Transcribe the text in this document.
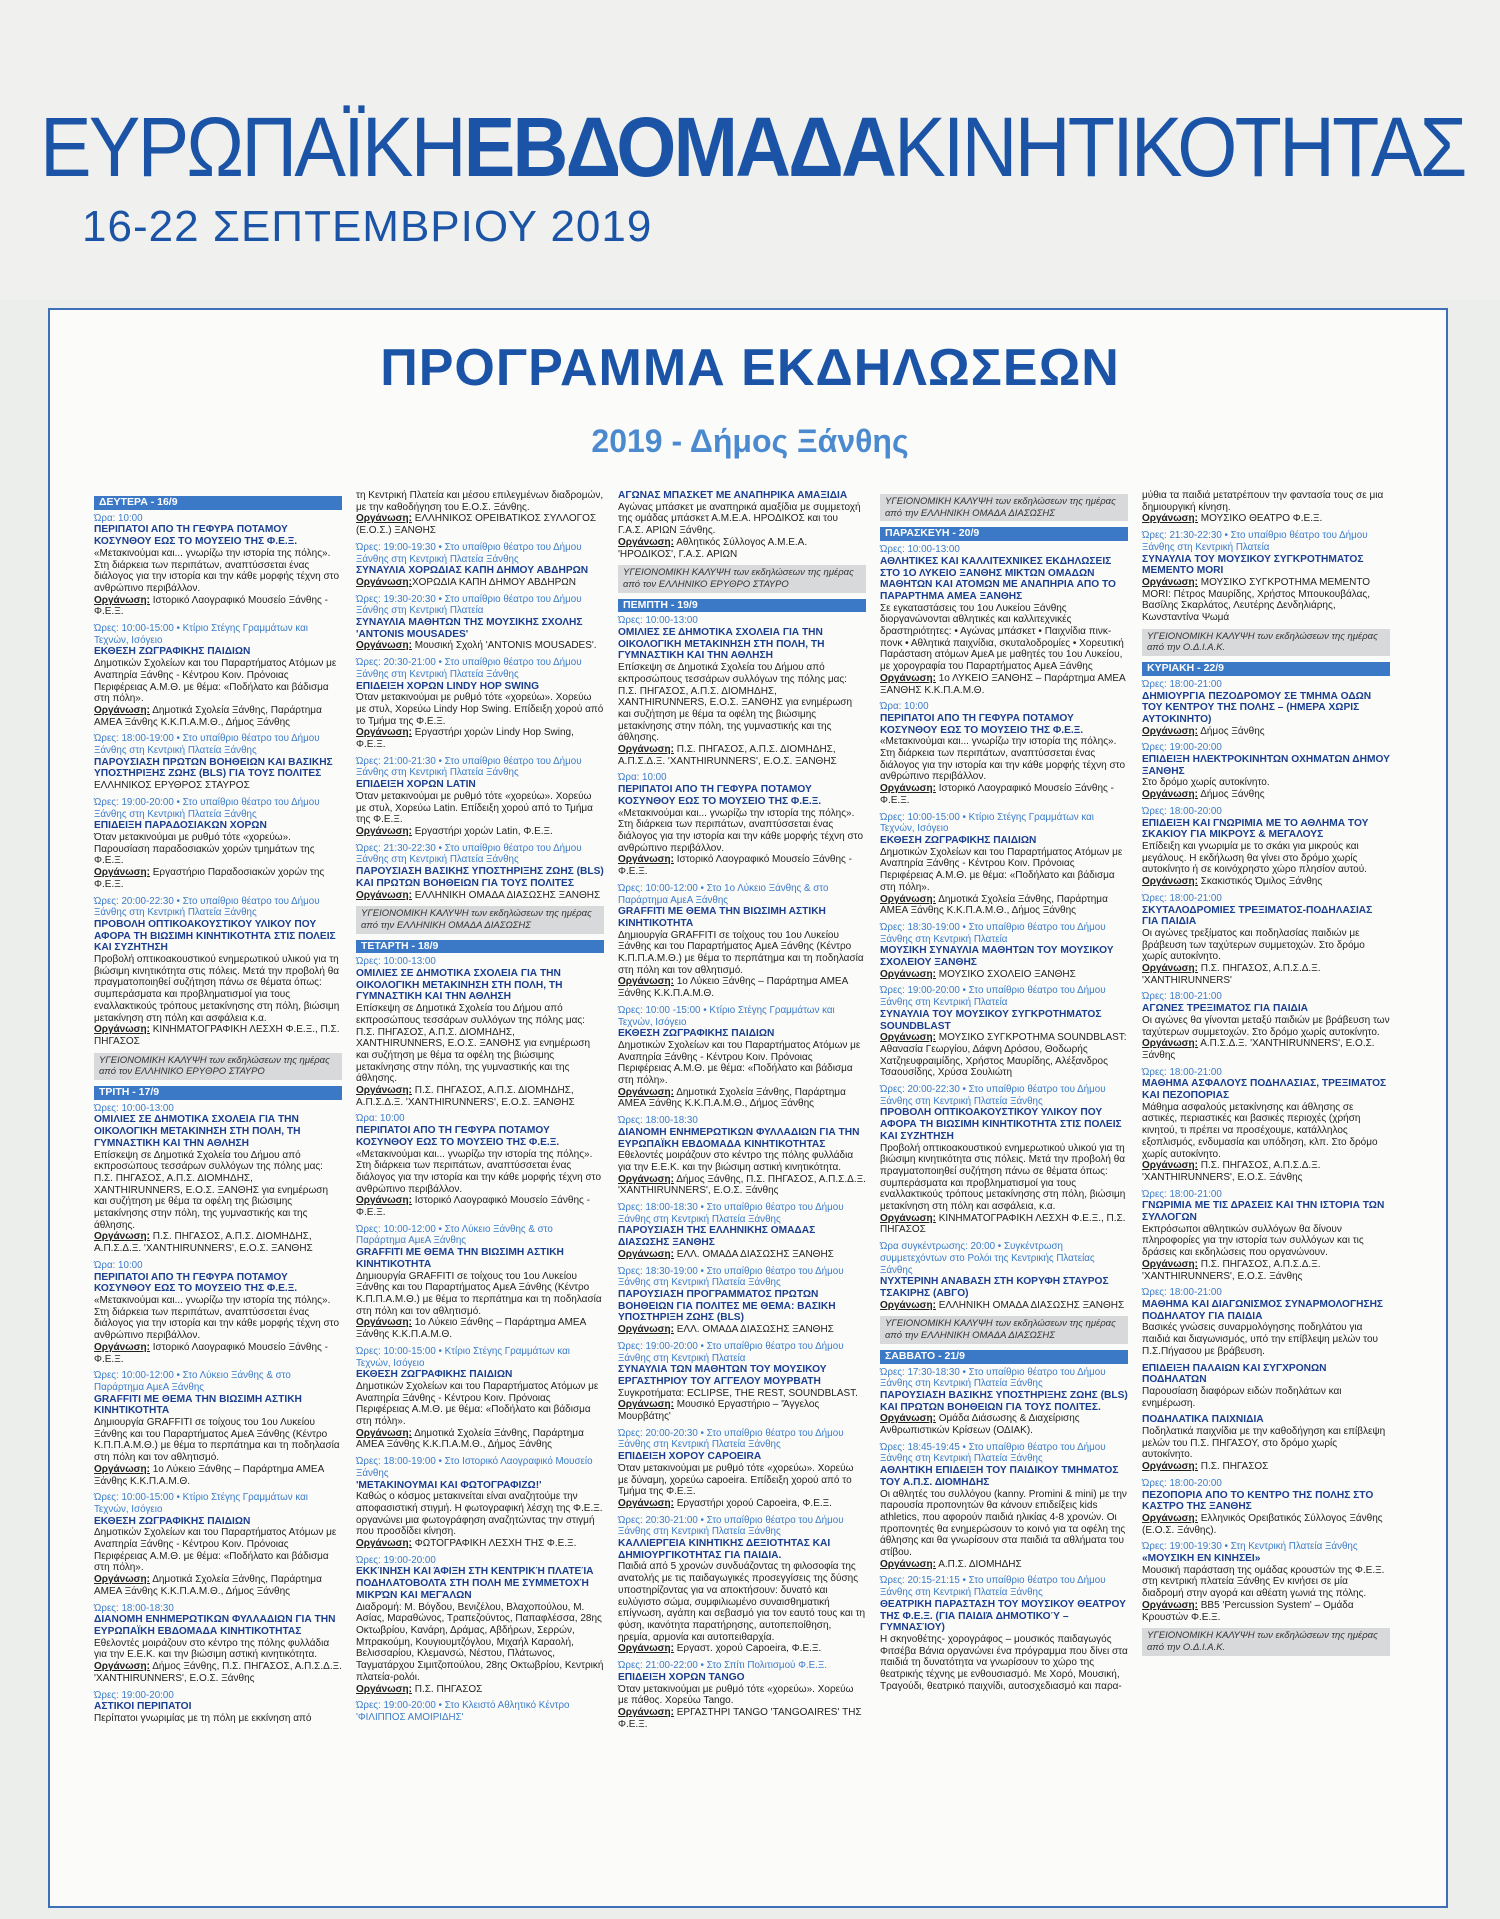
ΕΥΡΩΠΑΪΚΗΕΒΔΟΜΑΔΑΚΙΝΗΤΙΚΟΤΗΤΑΣ
16-22 ΣΕΠΤΕΜΒΡΙΟΥ 2019
ΠΡΟΓΡΑΜΜΑ ΕΚΔΗΛΩΣΕΩΝ
2019 - Δήμος Ξάνθης
ΔΕΥΤΕΡΑ - 16/9
Ώρα: 10:00
ΠΕΡΙΠΑΤΟΙ ΑΠΟ ΤΗ ΓΕΦΥΡΑ ΠΟΤΑΜΟΥ ΚΟΣΥΝΘΟΥ ΕΩΣ ΤΟ ΜΟΥΣΕΙΟ ΤΗΣ Φ.Ε.Ξ.
«Μετακινούμαι και... γνωρίζω την ιστορία της πόλης». Στη διάρκεια των περιπάτων, αναπτύσσεται ένας διάλογος για την ιστορία και την κάθε μορφής τέχνη στο ανθρώπινο περιβάλλον.
Οργάνωση: Ιστορικό Λαογραφικό Μουσείο Ξάνθης - Φ.Ε.Ξ.
Ώρες: 10:00-15:00 • Κτίριο Στέγης Γραμμάτων και Τεχνών, Ισόγειο
ΕΚΘΕΣΗ ΖΩΓΡΑΦΙΚΗΣ ΠΑΙΔΙΩΝ
Δημοτικών Σχολείων και του Παραρτήματος Ατόμων με Αναπηρία Ξάνθης - Κέντρου Κοιν. Πρόνοιας Περιφέρειας Α.Μ.Θ. με θέμα: «Ποδήλατο και βάδισμα στη πόλη».
Οργάνωση: Δημοτικά Σχολεία Ξάνθης, Παράρτημα ΑΜΕΑ Ξάνθης Κ.Κ.Π.Α.Μ.Θ., Δήμος Ξάνθης
Ώρες: 18:00-19:00 • Στο υπαίθριο θέατρο του Δήμου Ξάνθης στη Κεντρική Πλατεία Ξάνθης
ΠΑΡΟΥΣΙΑΣΗ ΠΡΩΤΩΝ ΒΟΗΘΕΙΩΝ ΚΑΙ ΒΑΣΙΚΗΣ ΥΠΟΣΤΗΡΙΞΗΣ ΖΩΗΣ (BLS) ΓΙΑ ΤΟΥΣ ΠΟΛΙΤΕΣ
ΕΛΛΗΝΙΚΟΣ ΕΡΥΘΡΟΣ ΣΤΑΥΡΟΣ
Ώρες: 19:00-20:00 • Στο υπαίθριο θέατρο του Δήμου Ξάνθης στη Κεντρική Πλατεία Ξάνθης
ΕΠΙΔΕΙΞΗ ΠΑΡΑΔΟΣΙΑΚΩΝ ΧΟΡΩΝ
Όταν μετακινούμαι με ρυθμό τότε «χορεύω». Παρουσίαση παραδοσιακών χορών τμημάτων της Φ.Ε.Ξ.
Οργάνωση: Εργαστήριο Παραδοσιακών χορών της Φ.Ε.Ξ.
Ώρες: 20:00-22:30 • Στο υπαίθριο θέατρο του Δήμου Ξάνθης στη Κεντρική Πλατεία Ξάνθης
ΠΡΟΒΟΛΗ ΟΠΤΙΚΟΑΚΟΥΣΤΙΚΟΥ ΥΛΙΚΟΥ ΠΟΥ ΑΦΟΡΑ ΤΗ ΒΙΩΣΙΜΗ ΚΙΝΗΤΙΚΟΤΗΤΑ ΣΤΙΣ ΠΟΛΕΙΣ ΚΑΙ ΣΥΖΗΤΗΣΗ
Προβολή οπτικοακουστικού ενημερωτικού υλικού για τη βιώσιμη κινητικότητα στις πόλεις. Μετά την προβολή θα πραγματοποιηθεί συζήτηση πάνω σε θέματα όπως: συμπεράσματα και προβληματισμοί για τους εναλλακτικούς τρόπους μετακίνησης στη πόλη, βιώσιμη μετακίνηση στη πόλη και ασφάλεια κ.α.
Οργάνωση: ΚΙΝΗΜΑΤΟΓΡΑΦΙΚΗ ΛΕΣΧΗ Φ.Ε.Ξ., Π.Σ. ΠΗΓΑΣΟΣ
ΥΓΕΙΟΝΟΜΙΚΗ ΚΑΛΥΨΗ των εκδηλώσεων της ημέρας από τον ΕΛΛΗΝΙΚΟ ΕΡΥΘΡΟ ΣΤΑΥΡΟ
ΤΡΙΤΗ - 17/9
Ώρες: 10:00-13:00
ΟΜΙΛΙΕΣ ΣΕ ΔΗΜΟΤΙΚΑ ΣΧΟΛΕΙΑ ΓΙΑ ΤΗΝ ΟΙΚΟΛΟΓΙΚΗ ΜΕΤΑΚΙΝΗΣΗ ΣΤΗ ΠΟΛΗ, ΤΗ ΓΥΜΝΑΣΤΙΚΗ ΚΑΙ ΤΗΝ ΑΘΛΗΣΗ
Επίσκεψη σε Δημοτικά Σχολεία του Δήμου από εκπροσώπους τεσσάρων συλλόγων της πόλης μας: Π.Σ. ΠΗΓΑΣΟΣ, Α.Π.Σ. ΔΙΟΜΗΔΗΣ, XANTHIRUNNERS, Ε.Ο.Σ. ΞΑΝΘΗΣ για ενημέρωση και συζήτηση με θέμα τα οφέλη της βιώσιμης μετακίνησης στην πόλη, της γυμναστικής και της άθλησης.
Οργάνωση: Π.Σ. ΠΗΓΑΣΟΣ, Α.Π.Σ. ΔΙΟΜΗΔΗΣ, Α.Π.Σ.Δ.Ξ. 'XANTHIRUNNERS', Ε.Ο.Σ. ΞΑΝΘΗΣ
Ώρα: 10:00
ΠΕΡΙΠΑΤΟΙ ΑΠΟ ΤΗ ΓΕΦΥΡΑ ΠΟΤΑΜΟΥ ΚΟΣΥΝΘΟΥ ΕΩΣ ΤΟ ΜΟΥΣΕΙΟ ΤΗΣ Φ.Ε.Ξ.
«Μετακινούμαι και... γνωρίζω την ιστορία της πόλης». Στη διάρκεια των περιπάτων, αναπτύσσεται ένας διάλογος για την ιστορία και την κάθε μορφής τέχνη στο ανθρώπινο περιβάλλον.
Οργάνωση: Ιστορικό Λαογραφικό Μουσείο Ξάνθης - Φ.Ε.Ξ.
Ώρες: 10:00-12:00 • Στο Λύκειο Ξάνθης & στο Παράρτημα ΑμεΑ Ξάνθης
GRAFFITI ΜΕ ΘΕΜΑ ΤΗΝ ΒΙΩΣΙΜΗ ΑΣΤΙΚΗ ΚΙΝΗΤΙΚΟΤΗΤΑ
Δημιουργία GRAFFITI σε τοίχους του 1ου Λυκείου Ξάνθης και του Παραρτήματος ΑμεΑ Ξάνθης (Κέντρο Κ.Π.Π.Α.Μ.Θ.) με θέμα το περπάτημα και τη ποδηλασία στη πόλη και τον αθλητισμό.
Οργάνωση: 1ο Λύκειο Ξάνθης – Παράρτημα ΑΜΕΑ Ξάνθης Κ.Κ.Π.Α.Μ.Θ.
Ώρες: 10:00-15:00 • Κτίριο Στέγης Γραμμάτων και Τεχνών, Ισόγειο
ΕΚΘΕΣΗ ΖΩΓΡΑΦΙΚΗΣ ΠΑΙΔΙΩΝ
Δημοτικών Σχολείων και του Παραρτήματος Ατόμων με Αναπηρία Ξάνθης - Κέντρου Κοιν. Πρόνοιας Περιφέρειας Α.Μ.Θ. με θέμα: «Ποδήλατο και βάδισμα στη πόλη».
Οργάνωση: Δημοτικά Σχολεία Ξάνθης, Παράρτημα ΑΜΕΑ Ξάνθης Κ.Κ.Π.Α.Μ.Θ., Δήμος Ξάνθης
Ώρες: 18:00-18:30
ΔΙΑΝΟΜΗ ΕΝΗΜΕΡΩΤΙΚΩΝ ΦΥΛΛΑΔΙΩΝ ΓΙΑ ΤΗΝ ΕΥΡΩΠΑΪΚΗ ΕΒΔΟΜΑΔΑ ΚΙΝΗΤΙΚΟΤΗΤΑΣ
Εθελοντές μοιράζουν στο κέντρο της πόλης φυλλάδια για την Ε.Ε.Κ. και την βιώσιμη αστική κινητικότητα.
Οργάνωση: Δήμος Ξάνθης, Π.Σ. ΠΗΓΑΣΟΣ, Α.Π.Σ.Δ.Ξ. 'XANTHIRUNNERS', Ε.Ο.Σ. Ξάνθης
Ώρες: 19:00-20:00
ΑΣΤΙΚΟΙ ΠΕΡΙΠΑΤΟΙ
Περίπατοι γνωριμίας με τη πόλη με εκκίνηση από
τη Κεντρική Πλατεία και μέσου επιλεγμένων διαδρομών, με την καθοδήγηση του Ε.Ο.Σ. Ξάνθης.
Οργάνωση: ΕΛΛΗΝΙΚΟΣ ΟΡΕΙΒΑΤΙΚΟΣ ΣΥΛΛΟΓΟΣ (Ε.Ο.Σ.) ΞΑΝΘΗΣ
Ώρες: 19:00-19:30 • Στο υπαίθριο θέατρο του Δήμου Ξάνθης στη Κεντρική Πλατεία Ξάνθης
ΣΥΝΑΥΛΙΑ ΧΟΡΩΔΙΑΣ ΚΑΠΗ ΔΗΜΟΥ ΑΒΔΗΡΩΝ
Οργάνωση:ΧΟΡΩΔΙΑ ΚΑΠΗ ΔΗΜΟΥ ΑΒΔΗΡΩΝ
Ώρες: 19:30-20:30 • Στο υπαίθριο θέατρο του Δήμου Ξάνθης στη Κεντρική Πλατεία
ΣΥΝΑΥΛΙΑ ΜΑΘΗΤΩΝ ΤΗΣ ΜΟΥΣΙΚΗΣ ΣΧΟΛΗΣ 'ANTONIS MOUSADES'
Οργάνωση: Μουσική Σχολή 'ANTONIS MOUSADES'.
Ώρες: 20:30-21:00 • Στο υπαίθριο θέατρο του Δήμου Ξάνθης στη Κεντρική Πλατεία Ξάνθης
ΕΠΙΔΕΙΞΗ ΧΟΡΩΝ LINDY HOP SWING
Όταν μετακινούμαι με ρυθμό τότε «χορεύω». Χορεύω με στυλ, Χορεύω Lindy Hop Swing. Επίδειξη χορού από το Τμήμα της Φ.Ε.Ξ.
Οργάνωση: Εργαστήρι χορών Lindy Hop Swing, Φ.Ε.Ξ.
Ώρες: 21:00-21:30 • Στο υπαίθριο θέατρο του Δήμου Ξάνθης στη Κεντρική Πλατεία Ξάνθης
ΕΠΙΔΕΙΞΗ ΧΟΡΩΝ LATIN
Όταν μετακινούμαι με ρυθμό τότε «χορεύω». Χορεύω με στυλ, Χορεύω Latin. Επίδειξη χορού από το Τμήμα της Φ.Ε.Ξ.
Οργάνωση: Εργαστήρι χορών Latin, Φ.Ε.Ξ.
Ώρες: 21:30-22:30 • Στο υπαίθριο θέατρο του Δήμου Ξάνθης στη Κεντρική Πλατεία Ξάνθης
ΠΑΡΟΥΣΙΑΣΗ ΒΑΣΙΚΗΣ ΥΠΟΣΤΗΡΙΞΗΣ ΖΩΗΣ (BLS) ΚΑΙ ΠΡΩΤΩΝ ΒΟΗΘΕΙΩΝ ΓΙΑ ΤΟΥΣ ΠΟΛΙΤΕΣ
Οργάνωση: ΕΛΛΗΝΙΚΗ ΟΜΑΔΑ ΔΙΑΣΩΣΗΣ ΞΑΝΘΗΣ
ΥΓΕΙΟΝΟΜΙΚΗ ΚΑΛΥΨΗ των εκδηλώσεων της ημέρας από την ΕΛΛΗΝΙΚΗ ΟΜΑΔΑ ΔΙΑΣΩΣΗΣ
ΤΕΤΑΡΤΗ - 18/9
Ώρες: 10:00-13:00
ΟΜΙΛΙΕΣ ΣΕ ΔΗΜΟΤΙΚΑ ΣΧΟΛΕΙΑ ΓΙΑ ΤΗΝ ΟΙΚΟΛΟΓΙΚΗ ΜΕΤΑΚΙΝΗΣΗ ΣΤΗ ΠΟΛΗ, ΤΗ ΓΥΜΝΑΣΤΙΚΗ ΚΑΙ ΤΗΝ ΑΘΛΗΣΗ
Επίσκεψη σε Δημοτικά Σχολεία του Δήμου από εκπροσώπους τεσσάρων συλλόγων της πόλης μας: Π.Σ. ΠΗΓΑΣΟΣ, Α.Π.Σ. ΔΙΟΜΗΔΗΣ, XANTHIRUNNERS, Ε.Ο.Σ. ΞΑΝΘΗΣ για ενημέρωση και συζήτηση με θέμα τα οφέλη της βιώσιμης μετακίνησης στην πόλη, της γυμναστικής και της άθλησης.
Οργάνωση: Π.Σ. ΠΗΓΑΣΟΣ, Α.Π.Σ. ΔΙΟΜΗΔΗΣ, Α.Π.Σ.Δ.Ξ. 'XANTHIRUNNERS', Ε.Ο.Σ. ΞΑΝΘΗΣ
Ώρα: 10:00
ΠΕΡΙΠΑΤΟΙ ΑΠΟ ΤΗ ΓΕΦΥΡΑ ΠΟΤΑΜΟΥ ΚΟΣΥΝΘΟΥ ΕΩΣ ΤΟ ΜΟΥΣΕΙΟ ΤΗΣ Φ.Ε.Ξ.
«Μετακινούμαι και... γνωρίζω την ιστορία της πόλης». Στη διάρκεια των περιπάτων, αναπτύσσεται ένας διάλογος για την ιστορία και την κάθε μορφής τέχνη στο ανθρώπινο περιβάλλον.
Οργάνωση: Ιστορικό Λαογραφικό Μουσείο Ξάνθης - Φ.Ε.Ξ.
Ώρες: 10:00-12:00 • Στο Λύκειο Ξάνθης & στο Παράρτημα ΑμεΑ Ξάνθης
GRAFFITI ΜΕ ΘΕΜΑ ΤΗΝ ΒΙΩΣΙΜΗ ΑΣΤΙΚΗ ΚΙΝΗΤΙΚΟΤΗΤΑ
Δημιουργία GRAFFITI σε τοίχους του 1ου Λυκείου Ξάνθης και του Παραρτήματος ΑμεΑ Ξάνθης (Κέντρο Κ.Π.Π.Α.Μ.Θ.) με θέμα το περπάτημα και τη ποδηλασία στη πόλη και τον αθλητισμό.
Οργάνωση: 1ο Λύκειο Ξάνθης – Παράρτημα ΑΜΕΑ Ξάνθης Κ.Κ.Π.Α.Μ.Θ.
Ώρες: 10:00-15:00 • Κτίριο Στέγης Γραμμάτων και Τεχνών, Ισόγειο
ΕΚΘΕΣΗ ΖΩΓΡΑΦΙΚΗΣ ΠΑΙΔΙΩΝ
Δημοτικών Σχολείων και του Παραρτήματος Ατόμων με Αναπηρία Ξάνθης - Κέντρου Κοιν. Πρόνοιας Περιφέρειας Α.Μ.Θ. με θέμα: «Ποδήλατο και βάδισμα στη πόλη».
Οργάνωση: Δημοτικά Σχολεία Ξάνθης, Παράρτημα ΑΜΕΑ Ξάνθης Κ.Κ.Π.Α.Μ.Θ., Δήμος Ξάνθης
Ώρες: 18:00-19:00 • Στο Ιστορικό Λαογραφικό Μουσείο Ξάνθης
'ΜΕΤΑΚΙΝΟΥΜΑΙ ΚΑΙ ΦΩΤΟΓΡΑΦΙΖΩ!'
Καθώς ο κόσμος μετακινείται είναι αναζητούμε την αποφασιστική στιγμή. Η φωτογραφική λέσχη της Φ.Ε.Ξ. οργανώνει μια φωτογράφηση αναζητώντας την στιγμή που προσδίδει κίνηση.
Οργάνωση: ΦΩΤΟΓΡΑΦΙΚΗ ΛΕΣΧΗ ΤΗΣ Φ.Ε.Ξ.
Ώρες: 19:00-20:00
ΕΚΚΊΝΗΣΗ ΚΑΙ ΆΦΙΞΗ ΣΤΗ ΚΕΝΤΡΙΚΉ ΠΛΑΤΕΊΑ ΠΟΔΗΛΑΤΟΒΟΛΤΑ ΣΤΗ ΠΟΛΗ ΜΕ ΣΥΜΜΕΤΟΧΉ ΜΙΚΡΏΝ ΚΑΙ ΜΕΓΆΛΩΝ
Διαδρομή: Μ. Βόγδου, Βενιζέλου, Βλαχοπούλου, Μ. Ασίας, Μαραθώνος, Τραπεζούντος, Παπαφλέσσα, 28ης Οκτωβρίου, Κανάρη, Δράμας, Αβδήρων, Σερρών, Μπρακούμη, Κουγιουμτζόγλου, Μιχαήλ Καραολή, Βελισσαρίου, Κλεμανσώ, Νέστου, Πλάτωνος, Ταγματάρχου Σιμιτζοπούλου, 28ης Οκτωβρίου, Κεντρική πλατεία-ρολόι.
Οργάνωση: Π.Σ. ΠΗΓΑΣΟΣ
Ώρες: 19:00-20:00 • Στο Κλειστό Αθλητικό Κέντρο 'ΦΙΛΙΠΠΟΣ ΑΜΟΙΡΙΔΗΣ'
ΑΓΩΝΑΣ ΜΠΑΣΚΕΤ ΜΕ ΑΝΑΠΗΡΙΚΑ ΑΜΑΞΙΔΙΑ
Αγώνας μπάσκετ με αναπηρικά αμαξίδια με συμμετοχή της ομάδας μπάσκετ Α.Μ.Ε.Α. ΗΡΟΔΙΚΟΣ και του Γ.Α.Σ. ΑΡΙΩΝ Ξάνθης.
Οργάνωση: Αθλητικός Σύλλογος Α.Μ.Ε.Α. 'ΗΡΟΔΙΚΟΣ', Γ.Α.Σ. ΑΡΙΩΝ
ΥΓΕΙΟΝΟΜΙΚΗ ΚΑΛΥΨΗ των εκδηλώσεων της ημέρας από τον ΕΛΛΗΝΙΚΟ ΕΡΥΘΡΟ ΣΤΑΥΡΟ
ΠΕΜΠΤΗ - 19/9
Ώρες: 10:00-13:00
ΟΜΙΛΙΕΣ ΣΕ ΔΗΜΟΤΙΚΑ ΣΧΟΛΕΙΑ ΓΙΑ ΤΗΝ ΟΙΚΟΛΟΓΙΚΗ ΜΕΤΑΚΙΝΗΣΗ ΣΤΗ ΠΟΛΗ, ΤΗ ΓΥΜΝΑΣΤΙΚΗ ΚΑΙ ΤΗΝ ΑΘΛΗΣΗ
Επίσκεψη σε Δημοτικά Σχολεία του Δήμου από εκπροσώπους τεσσάρων συλλόγων της πόλης μας: Π.Σ. ΠΗΓΑΣΟΣ, Α.Π.Σ. ΔΙΟΜΗΔΗΣ, XANTHIRUNNERS, Ε.Ο.Σ. ΞΑΝΘΗΣ για ενημέρωση και συζήτηση με θέμα τα οφέλη της βιώσιμης μετακίνησης στην πόλη, της γυμναστικής και της άθλησης.
Οργάνωση: Π.Σ. ΠΗΓΑΣΟΣ, Α.Π.Σ. ΔΙΟΜΗΔΗΣ, Α.Π.Σ.Δ.Ξ. 'XANTHIRUNNERS', Ε.Ο.Σ. ΞΑΝΘΗΣ
Ώρα: 10:00
ΠΕΡΙΠΑΤΟΙ ΑΠΟ ΤΗ ΓΕΦΥΡΑ ΠΟΤΑΜΟΥ ΚΟΣΥΝΘΟΥ ΕΩΣ ΤΟ ΜΟΥΣΕΙΟ ΤΗΣ Φ.Ε.Ξ.
«Μετακινούμαι και... γνωρίζω την ιστορία της πόλης». Στη διάρκεια των περιπάτων, αναπτύσσεται ένας διάλογος για την ιστορία και την κάθε μορφής τέχνη στο ανθρώπινο περιβάλλον.
Οργάνωση: Ιστορικό Λαογραφικό Μουσείο Ξάνθης - Φ.Ε.Ξ.
Ώρες: 10:00-12:00 • Στο 1ο Λύκειο Ξάνθης & στο Παράρτημα ΑμεΑ Ξάνθης
GRAFFITI ΜΕ ΘΕΜΑ ΤΗΝ ΒΙΩΣΙΜΗ ΑΣΤΙΚΗ ΚΙΝΗΤΙΚΟΤΗΤΑ
Δημιουργία GRAFFITI σε τοίχους του 1ου Λυκείου Ξάνθης και του Παραρτήματος ΑμεΑ Ξάνθης (Κέντρο Κ.Π.Π.Α.Μ.Θ.) με θέμα το περπάτημα και τη ποδηλασία στη πόλη και τον αθλητισμό.
Οργάνωση: 1ο Λύκειο Ξάνθης – Παράρτημα ΑΜΕΑ Ξάνθης Κ.Κ.Π.Α.Μ.Θ.
Ώρες: 10:00 -15:00 • Κτίριο Στέγης Γραμμάτων και Τεχνών, Ισόγειο
ΕΚΘΕΣΗ ΖΩΓΡΑΦΙΚΗΣ ΠΑΙΔΙΩΝ
Δημοτικών Σχολείων και του Παραρτήματος Ατόμων με Αναπηρία Ξάνθης - Κέντρου Κοιν. Πρόνοιας Περιφέρειας Α.Μ.Θ. με θέμα: «Ποδήλατο και βάδισμα στη πόλη».
Οργάνωση: Δημοτικά Σχολεία Ξάνθης, Παράρτημα ΑΜΕΑ Ξάνθης Κ.Κ.Π.Α.Μ.Θ., Δήμος Ξάνθης
Ώρες: 18:00-18:30
ΔΙΑΝΟΜΗ ΕΝΗΜΕΡΩΤΙΚΩΝ ΦΥΛΛΑΔΙΩΝ ΓΙΑ ΤΗΝ ΕΥΡΩΠΑΪΚΗ ΕΒΔΟΜΑΔΑ ΚΙΝΗΤΙΚΟΤΗΤΑΣ
Εθελοντές μοιράζουν στο κέντρο της πόλης φυλλάδια για την Ε.Ε.Κ. και την βιώσιμη αστική κινητικότητα.
Οργάνωση: Δήμος Ξάνθης, Π.Σ. ΠΗΓΑΣΟΣ, Α.Π.Σ.Δ.Ξ. 'XANTHIRUNNERS', Ε.Ο.Σ. Ξάνθης
Ώρες: 18:00-18:30 • Στο υπαίθριο θέατρο του Δήμου Ξάνθης στη Κεντρική Πλατεία Ξάνθης
ΠΑΡΟΥΣΙΑΣΗ ΤΗΣ ΕΛΛΗΝΙΚΗΣ ΟΜΑΔΑΣ ΔΙΑΣΩΣΗΣ ΞΑΝΘΗΣ
Οργάνωση: ΕΛΛ. ΟΜΑΔΑ ΔΙΑΣΩΣΗΣ ΞΑΝΘΗΣ
Ώρες: 18:30-19:00 • Στο υπαίθριο θέατρο του Δήμου Ξάνθης στη Κεντρική Πλατεία Ξάνθης
ΠΑΡΟΥΣΙΑΣΗ ΠΡΟΓΡΑΜΜΑΤΟΣ ΠΡΩΤΩΝ ΒΟΗΘΕΙΩΝ ΓΙΑ ΠΟΛΙΤΕΣ ΜΕ ΘΕΜΑ: ΒΑΣΙΚΗ ΥΠΟΣΤΗΡΙΞΗ ΖΩΗΣ (BLS)
Οργάνωση: ΕΛΛ. ΟΜΑΔΑ ΔΙΑΣΩΣΗΣ ΞΑΝΘΗΣ
Ώρες: 19:00-20:00 • Στο υπαίθριο θέατρο του Δήμου Ξάνθης στη Κεντρική Πλατεία
ΣΥΝΑΥΛΙΑ ΤΩΝ ΜΑΘΗΤΩΝ ΤΟΥ ΜΟΥΣΙΚΟΥ ΕΡΓΑΣΤΗΡΙΟΥ ΤΟΥ ΑΓΓΕΛΟΥ ΜΟΥΡΒΑΤΗ
Συγκροτήματα: ECLIPSE, THE REST, SOUNDBLAST.
Οργάνωση: Μουσικό Εργαστήριο – 'Άγγελος Μουρβάτης'
Ώρες: 20:00-20:30 • Στο υπαίθριο θέατρο του Δήμου Ξάνθης στη Κεντρική Πλατεία Ξάνθης
ΕΠΙΔΕΙΞΗ ΧΟΡΟΥ CAPOEIRA
Όταν μετακινούμαι με ρυθμό τότε «χορεύω». Χορεύω με δύναμη, χορεύω capoeira. Επίδειξη χορού από το Τμήμα της Φ.Ε.Ξ.
Οργάνωση: Εργαστήρι χορού Capoeira, Φ.Ε.Ξ.
Ώρες: 20:30-21:00 • Στο υπαίθριο θέατρο του Δήμου Ξάνθης στη Κεντρική Πλατεία Ξάνθης
ΚΑΛΛΙΕΡΓΕΙΑ ΚΙΝΗΤΙΚΗΣ ΔΕΞΙΟΤΗΤΑΣ ΚΑΙ ΔΗΜΙΟΥΡΓΙΚΟΤΗΤΑΣ ΓΙΑ ΠΑΙΔΙΑ.
Παιδιά από 5 χρονών συνδυάζοντας τη φιλοσοφία της ανατολής με τις παιδαγωγικές προσεγγίσεις της δύσης υποστηρίζοντας για να αποκτήσουν: δυνατό και ευλύγιστο σώμα, συμφιλιωμένο συναισθηματική επίγνωση, αγάπη και σεβασμό για τον εαυτό τους και τη φύση, ικανότητα παρατήρησης, αυτοπεποίθηση, ηρεμία, αρμονία και αυτοπειθαρχία.
Οργάνωση: Εργαστ. χορού Capoeira, Φ.Ε.Ξ.
Ώρες: 21:00-22:00 • Στο Σπίτι Πολιτισμού Φ.Ε.Ξ.
ΕΠΙΔΕΙΞΗ ΧΟΡΩΝ TANGO
Όταν μετακινούμαι με ρυθμό τότε «χορεύω». Χορεύω με πάθος. Χορεύω Tango.
Οργάνωση: ΕΡΓΑΣΤΗΡΙ TANGO 'TANGOAIRES' ΤΗΣ Φ.Ε.Ξ.
ΥΓΕΙΟΝΟΜΙΚΗ ΚΑΛΥΨΗ των εκδηλώσεων της ημέρας από την ΕΛΛΗΝΙΚΗ ΟΜΑΔΑ ΔΙΑΣΩΣΗΣ
ΠΑΡΑΣΚΕΥΗ - 20/9
Ώρες: 10:00-13:00
ΑΘΛΗΤΙΚΕΣ ΚΑΙ ΚΑΛΛΙΤΕΧΝΙΚΕΣ ΕΚΔΗΛΩΣΕΙΣ ΣΤΟ 1Ο ΛΥΚΕΙΟ ΞΑΝΘΗΣ ΜΙΚΤΩΝ ΟΜΑΔΩΝ ΜΑΘΗΤΩΝ ΚΑΙ ΑΤΟΜΩΝ ΜΕ ΑΝΑΠΗΡΙΑ ΑΠΟ ΤΟ ΠΑΡΑΡΤΗΜΑ ΑΜΕΑ ΞΑΝΘΗΣ
Σε εγκαταστάσεις του 1ου Λυκείου Ξάνθης διοργανώνονται αθλητικές και καλλιτεχνικές δραστηριότητες: • Αγώνας μπάσκετ • Παιχνίδια πινκ-πονκ • Αθλητικά παιχνίδια, σκυταλοδρομίες • Χορευτική Παράσταση ατόμων ΑμεΑ με μαθητές του 1ου Λυκείου, με χορογραφία του Παραρτήματος ΑμεΑ Ξάνθης
Οργάνωση: 1ο ΛΥΚΕΙΟ ΞΑΝΘΗΣ – Παράρτημα ΑΜΕΑ ΞΑΝΘΗΣ Κ.Κ.Π.Α.Μ.Θ.
Ώρα: 10:00
ΠΕΡΙΠΑΤΟΙ ΑΠΟ ΤΗ ΓΕΦΥΡΑ ΠΟΤΑΜΟΥ ΚΟΣΥΝΘΟΥ ΕΩΣ ΤΟ ΜΟΥΣΕΙΟ ΤΗΣ Φ.Ε.Ξ.
«Μετακινούμαι και... γνωρίζω την ιστορία της πόλης». Στη διάρκεια των περιπάτων, αναπτύσσεται ένας διάλογος για την ιστορία και την κάθε μορφής τέχνη στο ανθρώπινο περιβάλλον.
Οργάνωση: Ιστορικό Λαογραφικό Μουσείο Ξάνθης - Φ.Ε.Ξ.
Ώρες: 10:00-15:00 • Κτίριο Στέγης Γραμμάτων και Τεχνών, Ισόγειο
ΕΚΘΕΣΗ ΖΩΓΡΑΦΙΚΗΣ ΠΑΙΔΙΩΝ
Δημοτικών Σχολείων και του Παραρτήματος Ατόμων με Αναπηρία Ξάνθης - Κέντρου Κοιν. Πρόνοιας Περιφέρειας Α.Μ.Θ. με θέμα: «Ποδήλατο και βάδισμα στη πόλη».
Οργάνωση: Δημοτικά Σχολεία Ξάνθης, Παράρτημα ΑΜΕΑ Ξάνθης Κ.Κ.Π.Α.Μ.Θ., Δήμος Ξάνθης
Ώρες: 18:30-19:00 • Στο υπαίθριο θέατρο του Δήμου Ξάνθης στη Κεντρική Πλατεία
ΜΟΥΣΙΚΗ ΣΥΝΑΥΛΙΑ ΜΑΘΗΤΩΝ ΤΟΥ ΜΟΥΣΙΚΟΥ ΣΧΟΛΕΙΟΥ ΞΑΝΘΗΣ
Οργάνωση: ΜΟΥΣΙΚΟ ΣΧΟΛΕΙΟ ΞΑΝΘΗΣ
Ώρες: 19:00-20:00 • Στο υπαίθριο θέατρο του Δήμου Ξάνθης στη Κεντρική Πλατεία
ΣΥΝΑΥΛΙΑ ΤΟΥ ΜΟΥΣΙΚΟΥ ΣΥΓΚΡΟΤΗΜΑΤΟΣ SOUNDBLAST
Οργάνωση: ΜΟΥΣΙΚΟ ΣΥΓΚΡΟΤΗΜΑ SOUNDBLAST: Αθανασία Γεωργίου, Δάφνη Δρόσου, Θοδωρής Χατζηευφραιμίδης, Χρήστος Μαυρίδης, Αλέξανδρος Τσαουσίδης, Χρύσα Σουλιώτη
Ώρες: 20:00-22:30 • Στο υπαίθριο θέατρο του Δήμου Ξάνθης στη Κεντρική Πλατεία Ξάνθης
ΠΡΟΒΟΛΗ ΟΠΤΙΚΟΑΚΟΥΣΤΙΚΟΥ ΥΛΙΚΟΥ ΠΟΥ ΑΦΟΡΑ ΤΗ ΒΙΩΣΙΜΗ ΚΙΝΗΤΙΚΟΤΗΤΑ ΣΤΙΣ ΠΟΛΕΙΣ ΚΑΙ ΣΥΖΗΤΗΣΗ
Προβολή οπτικοακουστικού ενημερωτικού υλικού για τη βιώσιμη κινητικότητα στις πόλεις. Μετά την προβολή θα πραγματοποιηθεί συζήτηση πάνω σε θέματα όπως: συμπεράσματα και προβληματισμοί για τους εναλλακτικούς τρόπους μετακίνησης στη πόλη, βιώσιμη μετακίνηση στη πόλη και ασφάλεια, κ.α.
Οργάνωση: ΚΙΝΗΜΑΤΟΓΡΑΦΙΚΗ ΛΕΣΧΗ Φ.Ε.Ξ., Π.Σ. ΠΗΓΑΣΟΣ
Ώρα συγκέντρωσης: 20:00 • Συγκέντρωση συμμετεχόντων στο Ρολόι της Κεντρικής Πλατείας Ξάνθης
ΝΥΧΤΕΡΙΝΗ ΑΝΑΒΑΣΗ ΣΤΗ ΚΟΡΥΦΗ ΣΤΑΥΡΟΣ ΤΣΑΚΙΡΗΣ (ΑΒΓΟ)
Οργάνωση: ΕΛΛΗΝΙΚΗ ΟΜΑΔΑ ΔΙΑΣΩΣΗΣ ΞΑΝΘΗΣ
ΥΓΕΙΟΝΟΜΙΚΗ ΚΑΛΥΨΗ των εκδηλώσεων της ημέρας από την ΕΛΛΗΝΙΚΗ ΟΜΑΔΑ ΔΙΑΣΩΣΗΣ
ΣΑΒΒΑΤΟ - 21/9
Ώρες: 17:30-18:30 • Στο υπαίθριο θέατρο του Δήμου Ξάνθης στη Κεντρική Πλατεία Ξάνθης
ΠΑΡΟΥΣΙΑΣΗ ΒΑΣΙΚΗΣ ΥΠΟΣΤΗΡΙΞΗΣ ΖΩΗΣ (BLS) ΚΑΙ ΠΡΩΤΩΝ ΒΟΗΘΕΙΩΝ ΓΙΑ ΤΟΥΣ ΠΟΛΙΤΕΣ.
Οργάνωση: Ομάδα Διάσωσης & Διαχείρισης Ανθρωπιστικών Κρίσεων (ΟΔΙΑΚ).
Ώρες: 18:45-19:45 • Στο υπαίθριο θέατρο του Δήμου Ξάνθης στη Κεντρική Πλατεία Ξάνθης
ΑΘΛΗΤΙΚΗ ΕΠΙΔΕΙΞΗ ΤΟΥ ΠΑΙΔΙΚΟΥ ΤΜΗΜΑΤΟΣ ΤΟΥ Α.Π.Σ. ΔΙΟΜΗΔΗΣ
Οι αθλητές του συλλόγου (kanny. Promini & mini) με την παρουσία προπονητών θα κάνουν επιδείξεις kids athletics, που αφορούν παιδιά ηλικίας 4-8 χρονών. Οι προπονητές θα ενημερώσουν το κοινό για τα οφέλη της άθλησης και θα γνωρίσουν στα παιδιά τα αθλήματα του στίβου.
Οργάνωση: Α.Π.Σ. ΔΙΟΜΗΔΗΣ
Ώρες: 20:15-21:15 • Στο υπαίθριο θέατρο του Δήμου Ξάνθης στη Κεντρική Πλατεία Ξάνθης
ΘΕΑΤΡΙΚΗ ΠΑΡΑΣΤΑΣΗ ΤΟΥ ΜΟΥΣΙΚΟΥ ΘΕΑΤΡΟΥ ΤΗΣ Φ.Ε.Ξ. (ΓΙΑ ΠΑΙΔΙΆ ΔΗΜΟΤΙΚΟΎ – ΓΥΜΝΑΣΊΟΥ)
Η σκηνοθέτης- χορογράφος – μουσικός παιδαγωγός Φιτσέβα Βάνια οργανώνει ένα πρόγραμμα που δίνει στα παιδιά τη δυνατότητα να γνωρίσουν το χώρο της θεατρικής τέχνης με ενθουσιασμό. Με Χορό, Μουσική, Τραγούδι, θεατρικό παιχνίδι, αυτοσχεδιασμό και παρα-
μύθια τα παιδιά μετατρέπουν την φαντασία τους σε μια δημιουργική κίνηση.
Οργάνωση: ΜΟΥΣΙΚΟ ΘΕΑΤΡΟ Φ.Ε.Ξ.
Ώρες: 21:30-22:30 • Στο υπαίθριο θέατρο του Δήμου Ξάνθης στη Κεντρική Πλατεία
ΣΥΝΑΥΛΙΑ ΤΟΥ ΜΟΥΣΙΚΟΥ ΣΥΓΚΡΟΤΗΜΑΤΟΣ MEMENTO MORI
Οργάνωση: ΜΟΥΣΙΚΟ ΣΥΓΚΡΟΤΗΜΑ MEMENTO MORI: Πέτρος Μαυρίδης, Χρήστος Μπουκουβάλας, Βασίλης Σκαρλάτος, Λευτέρης Δενδηλιάρης, Κωνσταντίνα Ψωμά
ΥΓΕΙΟΝΟΜΙΚΗ ΚΑΛΥΨΗ των εκδηλώσεων της ημέρας από την Ο.Δ.Ι.Α.Κ.
ΚΥΡΙΑΚΗ - 22/9
Ώρες: 18:00-21:00
ΔΗΜΙΟΥΡΓΙΑ ΠΕΖΟΔΡΟΜΟΥ ΣΕ ΤΜΗΜΑ ΟΔΩΝ ΤΟΥ ΚΕΝΤΡΟΥ ΤΗΣ ΠΟΛΗΣ – (ΗΜΕΡΑ ΧΩΡΙΣ ΑΥΤΟΚΙΝΗΤΟ)
Οργάνωση: Δήμος Ξάνθης
Ώρες: 19:00-20:00
ΕΠΙΔΕΙΞΗ ΗΛΕΚΤΡΟΚΙΝΗΤΩΝ ΟΧΗΜΑΤΩΝ ΔΗΜΟΥ ΞΑΝΘΗΣ
Στο δρόμο χωρίς αυτοκίνητο.
Οργάνωση: Δήμος Ξάνθης
Ώρες: 18:00-20:00
ΕΠΙΔΕΙΞΗ ΚΑΙ ΓΝΩΡΙΜΙΑ ΜΕ ΤΟ ΑΘΛΗΜΑ ΤΟΥ ΣΚΑΚΙΟΥ ΓΙΑ ΜΙΚΡΟΥΣ & ΜΕΓΑΛΟΥΣ
Επίδειξη και γνωριμία με το σκάκι για μικρούς και μεγάλους. Η εκδήλωση θα γίνει στο δρόμο χωρίς αυτοκίνητο ή σε κοινόχρηστο χώρο πλησίον αυτού.
Οργάνωση: Σκακιστικός Όμιλος Ξάνθης
Ώρες: 18:00-21:00
ΣΚΥΤΑΛΟΔΡΟΜΙΕΣ ΤΡΕΞΙΜΑΤΟΣ-ΠΟΔΗΛΑΣΙΑΣ ΓΙΑ ΠΑΙΔΙΑ
Οι αγώνες τρεξίματος και ποδηλασίας παιδιών με βράβευση των ταχύτερων συμμετοχών. Στο δρόμο χωρίς αυτοκίνητο.
Οργάνωση: Π.Σ. ΠΗΓΑΣΟΣ, Α.Π.Σ.Δ.Ξ. 'XANTHIRUNNERS'
Ώρες: 18:00-21:00
ΑΓΩΝΕΣ ΤΡΕΞΙΜΑΤΟΣ ΓΙΑ ΠΑΙΔΙΑ
Οι αγώνες θα γίνονται μεταξύ παιδιών με βράβευση των ταχύτερων συμμετοχών. Στο δρόμο χωρίς αυτοκίνητο.
Οργάνωση: Α.Π.Σ.Δ.Ξ. 'XANTHIRUNNERS', Ε.Ο.Σ. Ξάνθης
Ώρες: 18:00-21:00
ΜΑΘΗΜΑ ΑΣΦΑΛΟΥΣ ΠΟΔΗΛΑΣΙΑΣ, ΤΡΕΞΙΜΑΤΟΣ ΚΑΙ ΠΕΖΟΠΟΡΙΑΣ
Μάθημα ασφαλούς μετακίνησης και άθλησης σε αστικές, περιαστικές και βασικές περιοχές (χρήση κινητού, τι πρέπει να προσέχουμε, κατάλληλος εξοπλισμός, ενδυμασία και υπόδηση, κλπ. Στο δρόμο χωρίς αυτοκίνητο.
Οργάνωση: Π.Σ. ΠΗΓΑΣΟΣ, Α.Π.Σ.Δ.Ξ. 'XANTHIRUNNERS', Ε.Ο.Σ. Ξάνθης
Ώρες: 18:00-21:00
ΓΝΩΡΙΜΙΑ ΜΕ ΤΙΣ ΔΡΑΣΕΙΣ ΚΑΙ ΤΗΝ ΙΣΤΟΡΙΑ ΤΩΝ ΣΥΛΛΟΓΩΝ
Εκπρόσωποι αθλητικών συλλόγων θα δίνουν πληροφορίες για την ιστορία των συλλόγων και τις δράσεις και εκδηλώσεις που οργανώνουν.
Οργάνωση: Π.Σ. ΠΗΓΑΣΟΣ, Α.Π.Σ.Δ.Ξ. 'XANTHIRUNNERS', Ε.Ο.Σ. Ξάνθης
Ώρες: 18:00-21:00
ΜΑΘΗΜΑ ΚΑΙ ΔΙΑΓΩΝΙΣΜΟΣ ΣΥΝΑΡΜΟΛΟΓΗΣΗΣ ΠΟΔΗΛΑΤΟΥ ΓΙΑ ΠΑΙΔΙΑ
Βασικές γνώσεις συναρμολόγησης ποδηλάτου για παιδιά και διαγωνισμός, υπό την επίβλεψη μελών του Π.Σ.Πήγασου με βράβευση.
ΕΠΙΔΕΙΞΗ ΠΑΛΑΙΩΝ ΚΑΙ ΣΥΓΧΡΟΝΩΝ ΠΟΔΗΛΑΤΩΝ
Παρουσίαση διαφόρων ειδών ποδηλάτων και ενημέρωση.
ΠΟΔΗΛΑΤΙΚΑ ΠΑΙΧΝΙΔΙΑ
Ποδηλατικά παιχνίδια με την καθοδήγηση και επίβλεψη μελών του Π.Σ. ΠΗΓΑΣΟΥ, στο δρόμο χωρίς αυτοκίνητο.
Οργάνωση: Π.Σ. ΠΗΓΑΣΟΣ
Ώρες: 18:00-20:00
ΠΕΖΟΠΟΡΙΑ ΑΠΟ ΤΟ ΚΕΝΤΡΟ ΤΗΣ ΠΟΛΗΣ ΣΤΟ ΚΑΣΤΡΟ ΤΗΣ ΞΑΝΘΗΣ
Οργάνωση: Ελληνικός Ορειβατικός Σύλλογος Ξάνθης (Ε.Ο.Σ. Ξάνθης).
Ώρες: 19:00-19:30 • Στη Κεντρική Πλατεία Ξάνθης
«ΜΟΥΣΙΚΗ ΕΝ ΚΙΝΗΣΕΙ»
Μουσική παράσταση της ομάδας κρουστών της Φ.Ε.Ξ. στη κεντρική πλατεία Ξάνθης Εν κινήσει σε μία διαδρομή στην αγορά και αθέατη γωνιά της πόλης.
Οργάνωση: ΒΒ5 'Percussion System' – Ομάδα Κρουστών Φ.Ε.Ξ.
ΥΓΕΙΟΝΟΜΙΚΗ ΚΑΛΥΨΗ των εκδηλώσεων της ημέρας από την Ο.Δ.Ι.Α.Κ.
